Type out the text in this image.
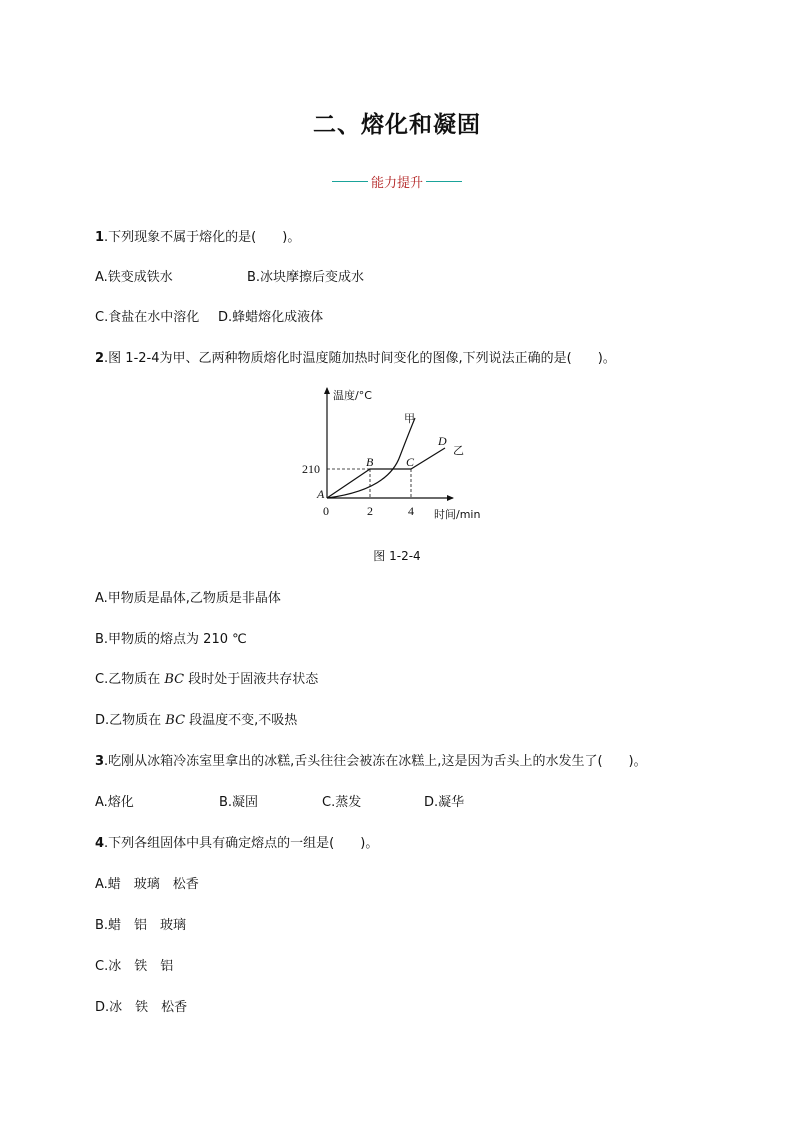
二、熔化和凝固
能力提升
1.下列现象不属于熔化的是(　　)。
A.铁变成铁水	B.冰块摩擦后变成水
C.食盐在水中溶化 D.蜂蜡熔化成液体
2.图 1-2-4为甲、乙两种物质熔化时温度随加热时间变化的图像,下列说法正确的是(　　)。
温度/°C
时间/min
0	2	4
210
A
B	C
D
甲
乙
图 1-2-4
A.甲物质是晶体,乙物质是非晶体
B.甲物质的熔点为 210 ℃
C.乙物质在 BC 段时处于固液共存状态
D.乙物质在 BC 段温度不变,不吸热
3.吃刚从冰箱冷冻室里拿出的冰糕,舌头往往会被冻在冰糕上,这是因为舌头上的水发生了(　　)。
A.熔化	B.凝固	C.蒸发	D.凝华
4.下列各组固体中具有确定熔点的一组是(　　)。
A.蜡　玻璃　松香
B.蜡　铝　玻璃
C.冰　铁　铝
D.冰　铁　松香
